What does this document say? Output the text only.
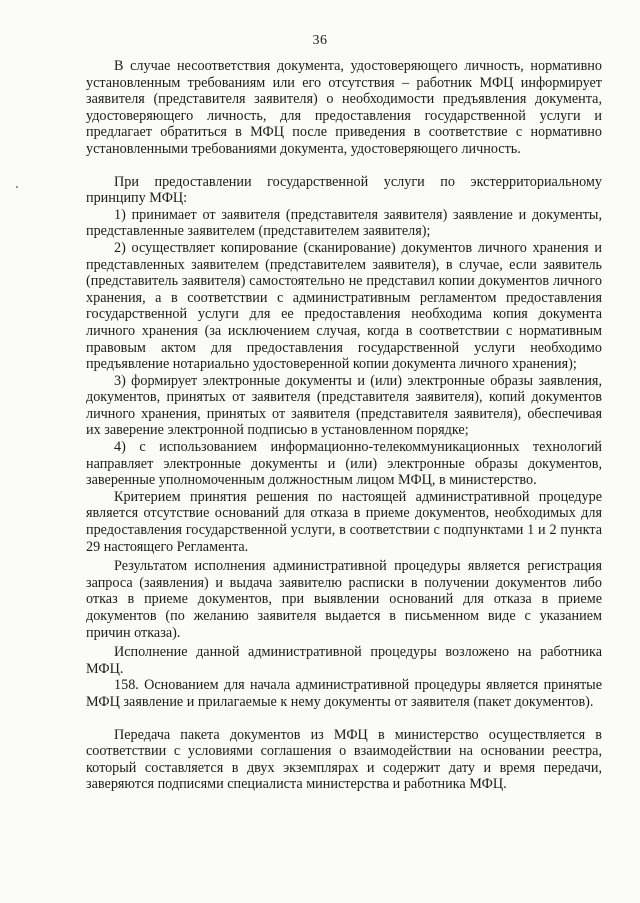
36

В случае несоответствия документа, удостоверяющего личность, нормативно установленным требованиям или его отсутствия – работник МФЦ информирует заявителя (представителя заявителя) о необходимости предъявления документа, удостоверяющего личность, для предоставления государственной услуги и предлагает обратиться в МФЦ после приведения в соответствие с нормативно установленными требованиями документа, удостоверяющего личность.

При предоставлении государственной услуги по экстерриториальному принципу МФЦ:

1) принимает от заявителя (представителя заявителя) заявление и документы, представленные заявителем (представителем заявителя);

2) осуществляет копирование (сканирование) документов личного хранения и представленных заявителем (представителем заявителя), в случае, если заявитель (представитель заявителя) самостоятельно не представил копии документов личного хранения, а в соответствии с административным регламентом предоставления государственной услуги для ее предоставления необходима копия документа личного хранения (за исключением случая, когда в соответствии с нормативным правовым актом для предоставления государственной услуги необходимо предъявление нотариально удостоверенной копии документа личного хранения);

3) формирует электронные документы и (или) электронные образы заявления, документов, принятых от заявителя (представителя заявителя), копий документов личного хранения, принятых от заявителя (представителя заявителя), обеспечивая их заверение электронной подписью в установленном порядке;

4) с использованием информационно-телекоммуникационных технологий направляет электронные документы и (или) электронные образы документов, заверенные уполномоченным должностным лицом МФЦ, в министерство.

Критерием принятия решения по настоящей административной процедуре является отсутствие оснований для отказа в приеме документов, необходимых для предоставления государственной услуги, в соответствии с подпунктами 1 и 2 пункта 29 настоящего Регламента.

Результатом исполнения административной процедуры является регистрация запроса (заявления) и выдача заявителю расписки в получении документов либо отказ в приеме документов, при выявлении оснований для отказа в приеме документов (по желанию заявителя выдается в письменном виде с указанием причин отказа).

Исполнение данной административной процедуры возложено на работника МФЦ.

158. Основанием для начала административной процедуры является принятые МФЦ заявление и прилагаемые к нему документы от заявителя (пакет документов).

Передача пакета документов из МФЦ в министерство осуществляется в соответствии с условиями соглашения о взаимодействии на основании реестра, который составляется в двух экземплярах и содержит дату и время передачи, заверяются подписями специалиста министерства и работника МФЦ.
